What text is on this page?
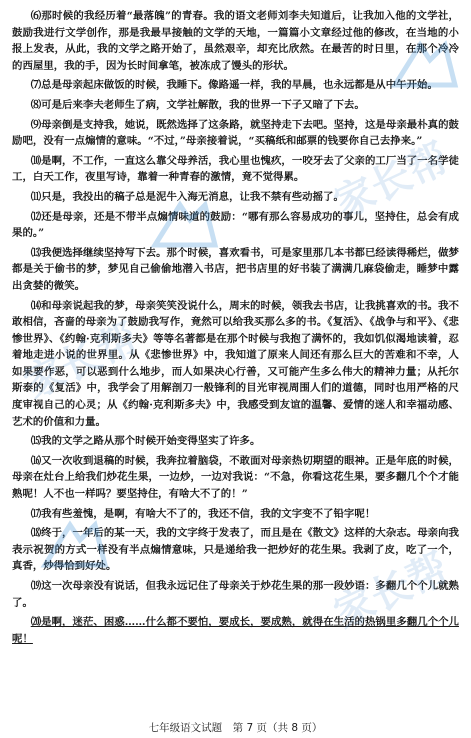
⑹那时候的我经历着“最落魄”的青春。我的语文老师刘李夫知道后，让我加入他的文学社，鼓励我进行文学创作，那是我最早接触的文学的天地，一篇篇小文章经过他的修改，在当地的小报上发表，从此，我的文学之路开始了，虽然艰辛，却充比欣然。在最苦的时日里，在那个冷冷的西屋里，我的手，因为长时间拿笔，被冻成了馒头的形状。

⑺总是母亲起床做饭的时候，我睡下。像路遥一样，我的早晨，也永远都是从中午开始。

⑻可是后来李夫老师生了病，文学社解散，我的世界一下子又暗了下去。

⑼母亲倒是支持我，她说，既然选择了这条路，就坚持走下去吧。坚持，这是母亲最朴真的鼓励吧，没有一点煽情的意味。“不过，”母亲接着说，“买稿纸和邮票的钱要你自己去挣来。”

⑽是啊，不工作，一直这么靠父母养活，我心里也愧疚，一咬牙去了父亲的工厂当了一名学徒工，白天工作，夜里写诗，靠着一种青春的激情，竟不觉得累。

⑾只是，我投出的稿子总是泥牛入海无消息，让我不禁有些动摇了。

⑿还是母亲，还是不带半点煽情味道的鼓励：“哪有那么容易成功的事儿，坚持住，总会有成果的。”

⒀我便选择继续坚持写下去。那个时候，喜欢看书，可是家里那几本书都已经读得稀烂，做梦都是关于偷书的梦，梦见自己偷偷地潜入书店，把书店里的好书装了满满几麻袋偷走，睡梦中露出贪婪的微笑。

⒁和母亲说起我的梦，母亲笑笑没说什么，周末的时候，领我去书店，让我挑喜欢的书。我不敢相信，吝啬的母亲为了鼓励我写作，竟然可以给我买那么多的书。《复活》、《战争与和平》、《悲惨世界》、《约翰·克利斯多夫》等等名著都是在那个时候与我抱了满怀的，我如饥似渴地读着，忍着地走进小说的世界里。从《悲惨世界》中，我知道了原来人间还有那么巨大的苦难和不幸，人如果要作恶，可以恶到什么地步，而人如果决心行善，又可能产生多么伟大的精神力量；从托尔斯泰的《复活》中，我学会了用解剖刀一般锋利的目光审视周围人们的道德，同时也用严格的尺度审视自己的心灵；从《约翰·克利斯多夫》中，我感受到友谊的温馨、爱情的迷人和幸福动感、艺术的价值和力量。

⒂我的文学之路从那个时候开始变得坚实了许多。

⒃又一次收到退稿的时候，我奔拉着脑袋，不敢面对母亲热切期望的眼神。正是年底的时候，母亲在灶台上给我们炒花生果，一边炒，一边对我说：“不急，你看这花生果，要多翻几个个才能熟呢！人不也一样吗？要坚持住，有啥大不了的！”

⒄我有些羞愧，是啊，有啥大不了的，我还不信，我的文字变不了铅字呢！

⒅终于，一年后的某一天，我的文字终于发表了，而且是在《散文》这样的大杂志。母亲向我表示祝贺的方式一样没有半点煽情意味，只是递给我一把炒好的花生果。我剥了皮，吃了一个，真香，炒得恰到好处。

⒆这一次母亲没有说话，但我永远记住了母亲关于炒花生果的那一段妙语：多翻几个个儿就熟了。

⒇是啊，迷茫、困惑……什么都不要怕，要成长，要成熟，就得在生活的热锅里多翻几个个儿呢！

家长帮
家长帮
家长帮
七年级语文试题　第 7 页（共 8 页）
